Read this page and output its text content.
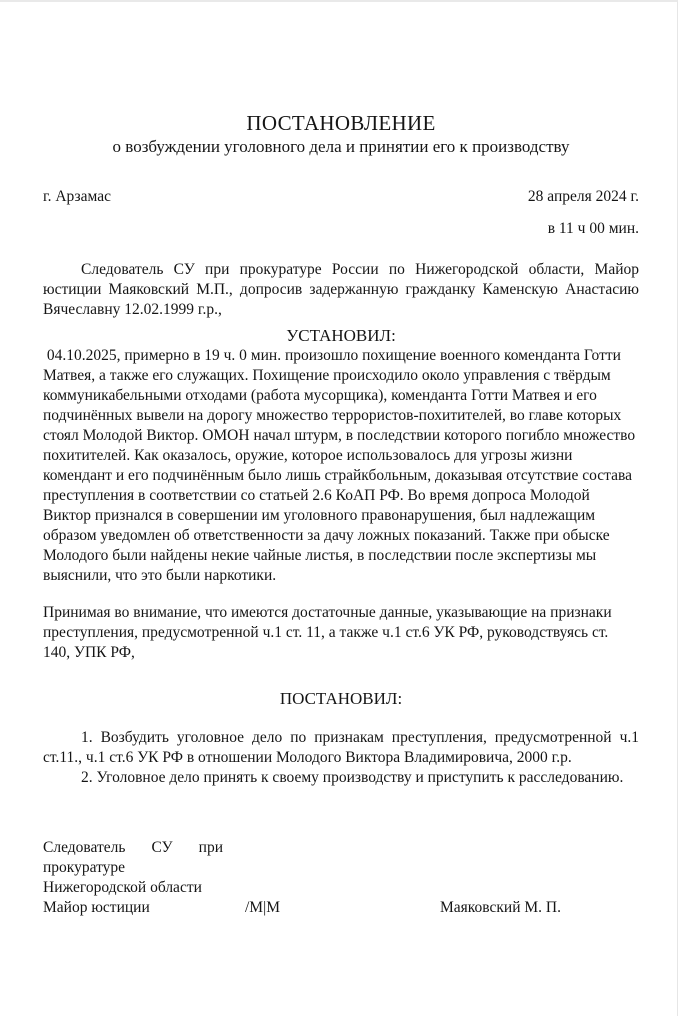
ПОСТАНОВЛЕНИЕ
о возбуждении уголовного дела и принятии его к производству
г. Арзамас	28 апреля 2024 г.
в 11 ч 00 мин.

Следователь СУ при прокуратуре России по Нижегородской области, Майор юстиции Маяковский М.П., допросив задержанную гражданку Каменскую Анастасию Вячеславну 12.02.1999 г.р.,

УСТАНОВИЛ:

04.10.2025, примерно в 19 ч. 0 мин. произошло похищение военного коменданта Готти Матвея, а также его служащих. Похищение происходило около управления с твёрдым коммуникабельными отходами (работа мусорщика), коменданта Готти Матвея и его подчинённых вывели на дорогу множество террористов-похитителей, во главе которых стоял Молодой Виктор. ОМОН начал штурм, в последствии которого погибло множество похитителей. Как оказалось, оружие, которое использовалось для угрозы жизни комендант и его подчинённым было лишь страйкбольным, доказывая отсутствие состава преступления в соответствии со статьей 2.6 КоАП РФ. Во время допроса Молодой Виктор признался в совершении им уголовного правонарушения, был надлежащим образом уведомлен об ответственности за дачу ложных показаний. Также при обыске Молодого были найдены некие чайные листья, в последствии после экспертизы мы выяснили, что это были наркотики.

Принимая во внимание, что имеются достаточные данные, указывающие на признаки преступления, предусмотренной ч.1 ст. 11, а также ч.1 ст.6 УК РФ, руководствуясь ст. 140, УПК РФ,

ПОСТАНОВИЛ:

1. Возбудить уголовное дело по признакам преступления, предусмотренной ч.1 ст.11., ч.1 ст.6 УК РФ в отношении Молодого Виктора Владимировича, 2000 г.р.

2. Уголовное дело принять к своему производству и приступить к расследованию.

Следователь СУ при прокуратуре Нижегородской области
Майор юстиции	/М|М	Маяковский М. П.
